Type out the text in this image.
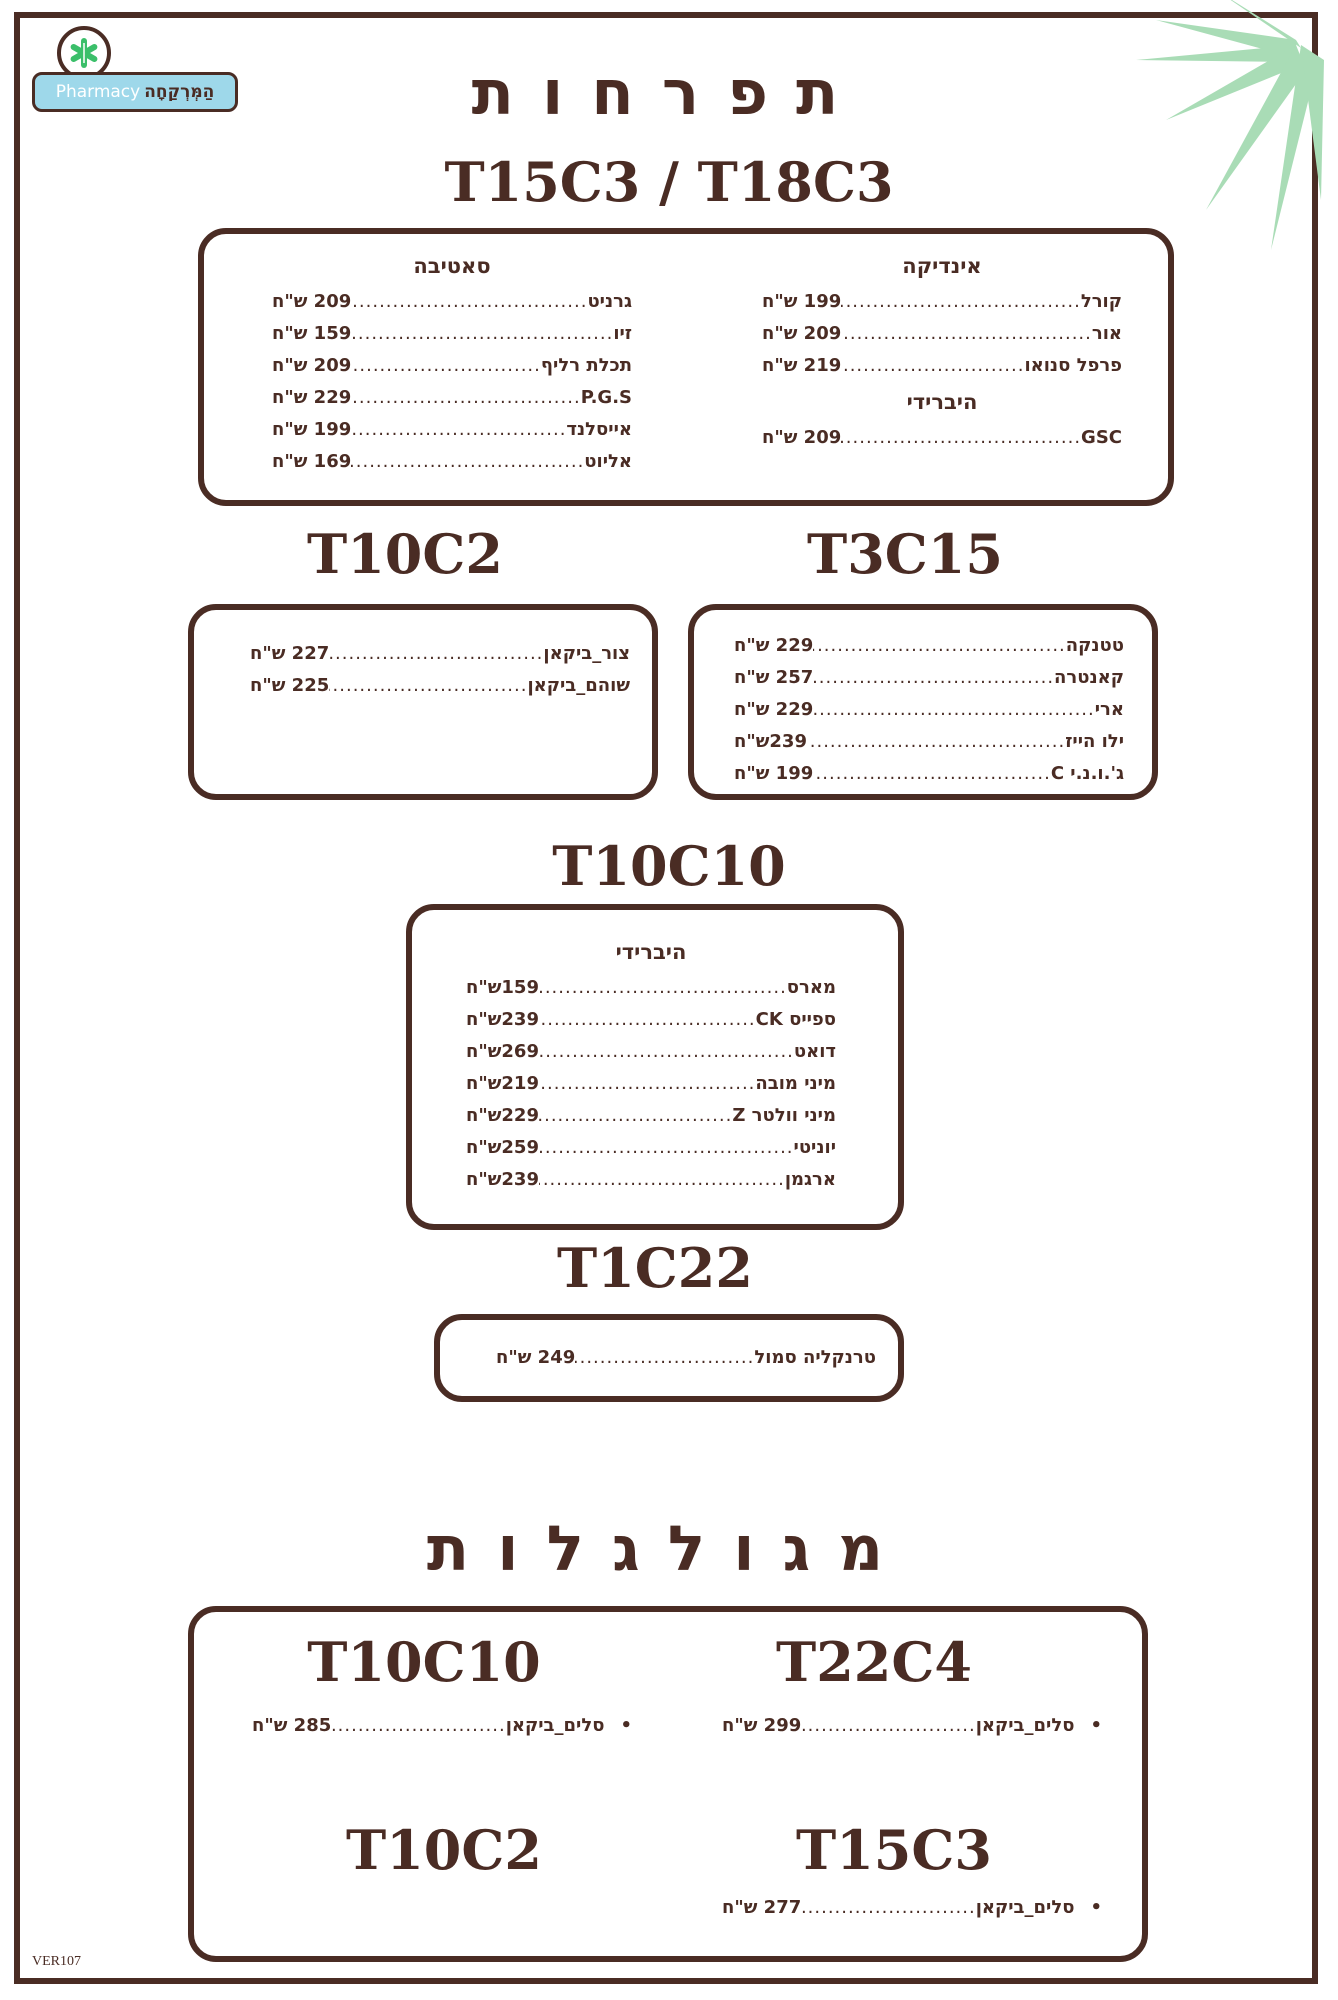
Pharmacy הַמְּרְקַחָה	תפרחות
T15C3 / T18C3
אינדיקה
קורל
.....
199 ש"ח
אור
.....
209 ש"ח
פרפל סנואו
.....
219 ש"ח
היברידי
GSC
.....
209 ש"ח
סאטיבה
גרניט
.....
209 ש"ח
זיו
.....
159 ש"ח
תכלת רליף
.....
209 ש"ח
P.G.S
.....
229 ש"ח
אייסלנד
.....
199 ש"ח
אליוט
.....
169 ש"ח
T10C2	T3C15
צור_ביקאן
.....
227 ש"ח
שוהם_ביקאן
.....
225 ש"ח
טטנקה
.....
229 ש"ח
קאנטרה
.....
257 ש"ח
ארי
.....
229 ש"ח
ילו הייז
.....
239ש"ח
ג'.ו.נ.י C
.....
199 ש"ח
T10C10
היברידי
מארס
.....
159ש"ח
ספייס CK
.....
239ש"ח
דואט
.....
269ש"ח
מיני מובה
.....
219ש"ח
מיני וולטר Z
.....
229ש"ח
יוניטי
.....
259ש"ח
ארגמן
.....
239ש"ח
T1C22
טרנקליה סמול
.....
249 ש"ח
מגולגלות
T22C4
•
סלים_ביקאן
.....
299 ש"ח
T10C10
•
סלים_ביקאן
.....
285 ש"ח
T15C3
•
סלים_ביקאן
.....
277 ש"ח
T10C2
VER107
